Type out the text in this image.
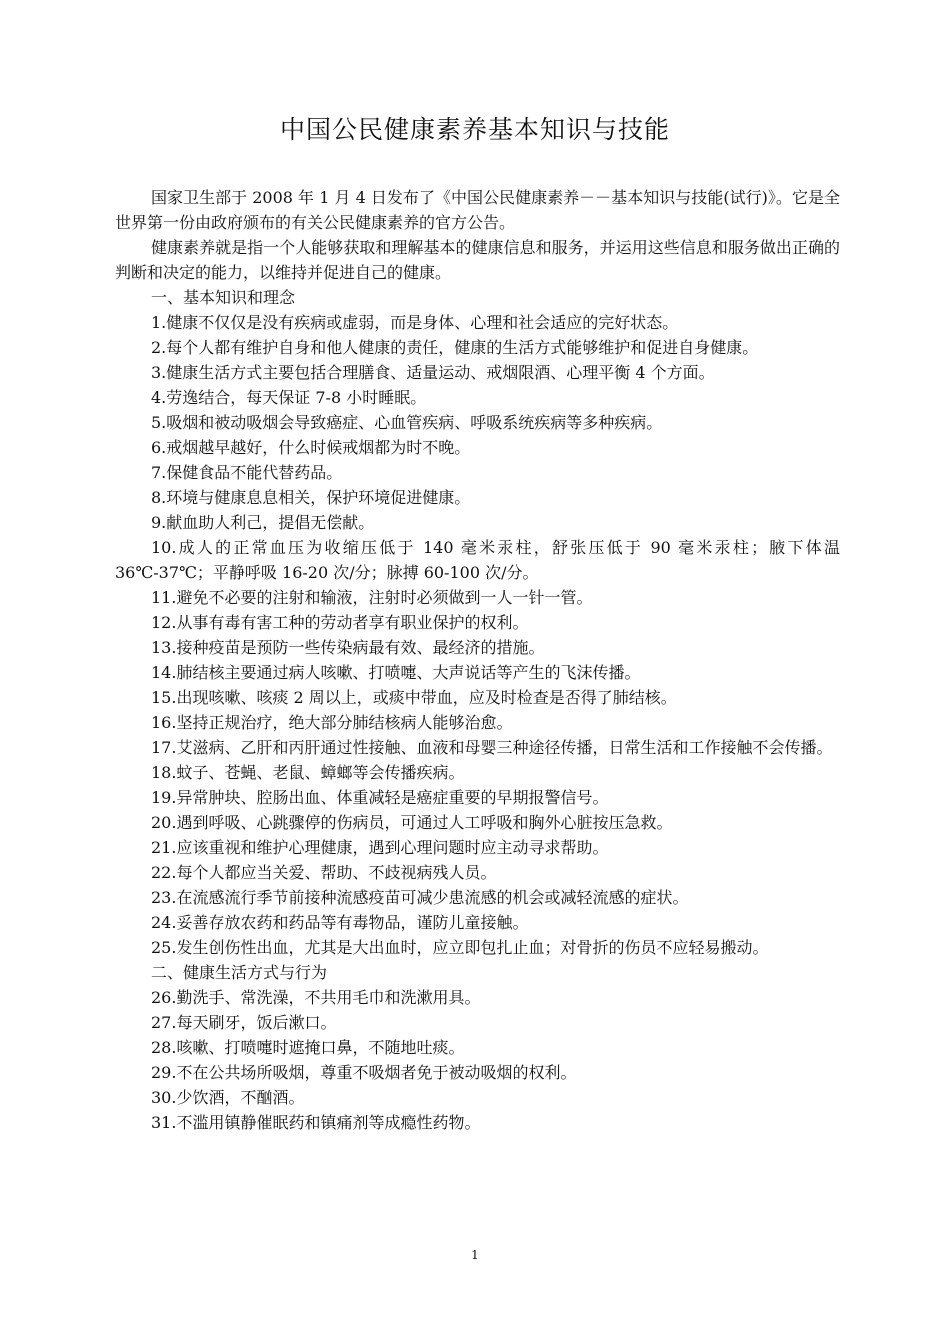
中国公民健康素养基本知识与技能

国家卫生部于 2008 年 1 月 4 日发布了《中国公民健康素养－－基本知识与技能(试行)》。它是全世界第一份由政府颁布的有关公民健康素养的官方公告。

健康素养就是指一个人能够获取和理解基本的健康信息和服务，并运用这些信息和服务做出正确的判断和决定的能力，以维持并促进自己的健康。

一、基本知识和理念

1.健康不仅仅是没有疾病或虚弱，而是身体、心理和社会适应的完好状态。

2.每个人都有维护自身和他人健康的责任，健康的生活方式能够维护和促进自身健康。

3.健康生活方式主要包括合理膳食、适量运动、戒烟限酒、心理平衡 4 个方面。

4.劳逸结合，每天保证 7-8 小时睡眠。

5.吸烟和被动吸烟会导致癌症、心血管疾病、呼吸系统疾病等多种疾病。

6.戒烟越早越好，什么时候戒烟都为时不晚。

7.保健食品不能代替药品。

8.环境与健康息息相关，保护环境促进健康。

9.献血助人利己，提倡无偿献。

10.成人的正常血压为收缩压低于 140 毫米汞柱，舒张压低于 90 毫米汞柱；腋下体温 36℃-37℃；平静呼吸 16-20 次/分；脉搏 60-100 次/分。

11.避免不必要的注射和输液，注射时必须做到一人一针一管。

12.从事有毒有害工种的劳动者享有职业保护的权利。

13.接种疫苗是预防一些传染病最有效、最经济的措施。

14.肺结核主要通过病人咳嗽、打喷嚏、大声说话等产生的飞沫传播。

15.出现咳嗽、咳痰 2 周以上，或痰中带血，应及时检查是否得了肺结核。

16.坚持正规治疗，绝大部分肺结核病人能够治愈。

17.艾滋病、乙肝和丙肝通过性接触、血液和母婴三种途径传播，日常生活和工作接触不会传播。

18.蚊子、苍蝇、老鼠、蟑螂等会传播疾病。

19.异常肿块、腔肠出血、体重减轻是癌症重要的早期报警信号。

20.遇到呼吸、心跳骤停的伤病员，可通过人工呼吸和胸外心脏按压急救。

21.应该重视和维护心理健康，遇到心理问题时应主动寻求帮助。

22.每个人都应当关爱、帮助、不歧视病残人员。

23.在流感流行季节前接种流感疫苗可减少患流感的机会或减轻流感的症状。

24.妥善存放农药和药品等有毒物品，谨防儿童接触。

25.发生创伤性出血，尤其是大出血时，应立即包扎止血；对骨折的伤员不应轻易搬动。

二、健康生活方式与行为

26.勤洗手、常洗澡，不共用毛巾和洗漱用具。

27.每天刷牙，饭后漱口。

28.咳嗽、打喷嚏时遮掩口鼻，不随地吐痰。

29.不在公共场所吸烟，尊重不吸烟者免于被动吸烟的权利。

30.少饮酒，不酗酒。

31.不滥用镇静催眠药和镇痛剂等成瘾性药物。

1
